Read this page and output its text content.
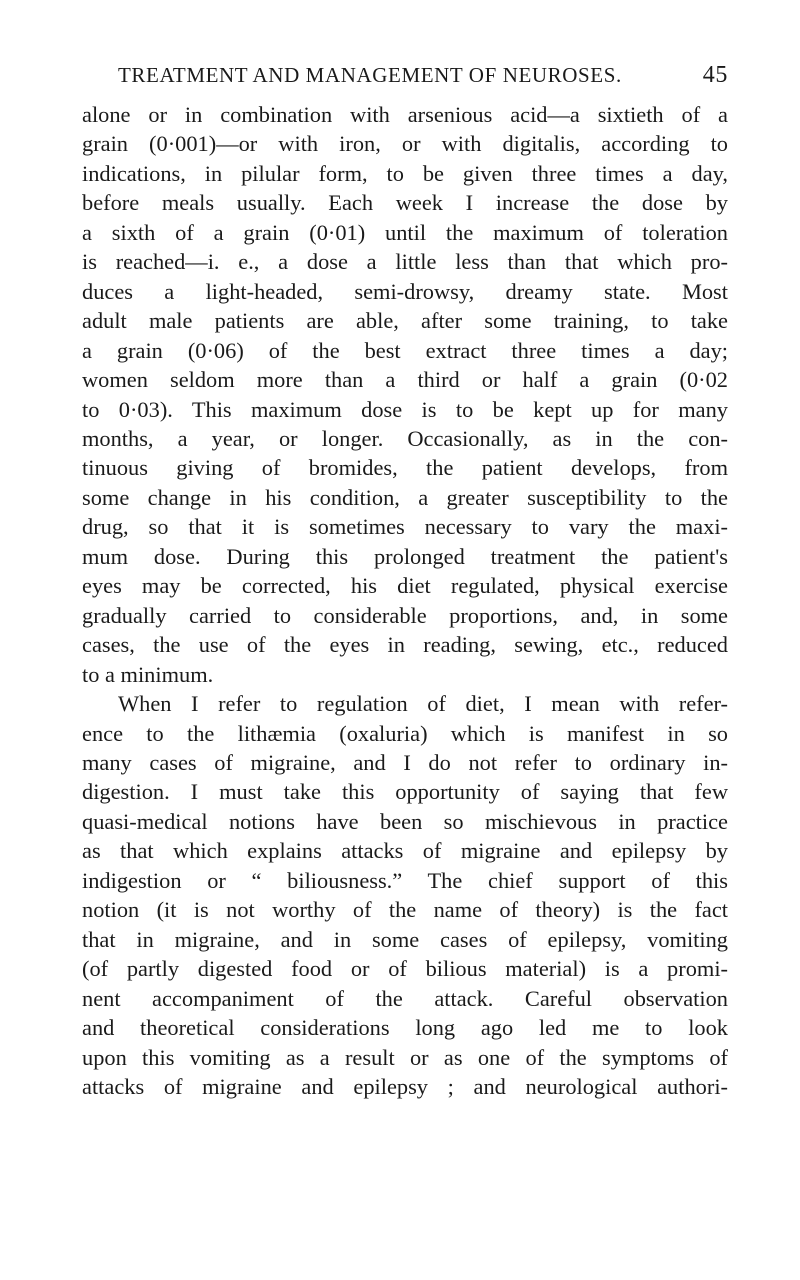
TREATMENT AND MANAGEMENT OF NEUROSES.	45

alone or in combination with arsenious acid—a sixtieth of a
grain (0·001)—or with iron, or with digitalis, according to
indications, in pilular form, to be given three times a day,
before meals usually. Each week I increase the dose by
a sixth of a grain (0·01) until the maximum of toleration
is reached—i. e., a dose a little less than that which pro-
duces a light-headed, semi-drowsy, dreamy state. Most
adult male patients are able, after some training, to take
a grain (0·06) of the best extract three times a day;
women seldom more than a third or half a grain (0·02
to 0·03). This maximum dose is to be kept up for many
months, a year, or longer. Occasionally, as in the con-
tinuous giving of bromides, the patient develops, from
some change in his condition, a greater susceptibility to the
drug, so that it is sometimes necessary to vary the maxi-
mum dose. During this prolonged treatment the patient's
eyes may be corrected, his diet regulated, physical exercise
gradually carried to considerable proportions, and, in some
cases, the use of the eyes in reading, sewing, etc., reduced
to a minimum.

When I refer to regulation of diet, I mean with refer-
ence to the lithæmia (oxaluria) which is manifest in so
many cases of migraine, and I do not refer to ordinary in-
digestion. I must take this opportunity of saying that few
quasi-medical notions have been so mischievous in practice
as that which explains attacks of migraine and epilepsy by
indigestion or “ biliousness.” The chief support of this
notion (it is not worthy of the name of theory) is the fact
that in migraine, and in some cases of epilepsy, vomiting
(of partly digested food or of bilious material) is a promi-
nent accompaniment of the attack. Careful observation
and theoretical considerations long ago led me to look
upon this vomiting as a result or as one of the symptoms of
attacks of migraine and epilepsy ; and neurological authori-
